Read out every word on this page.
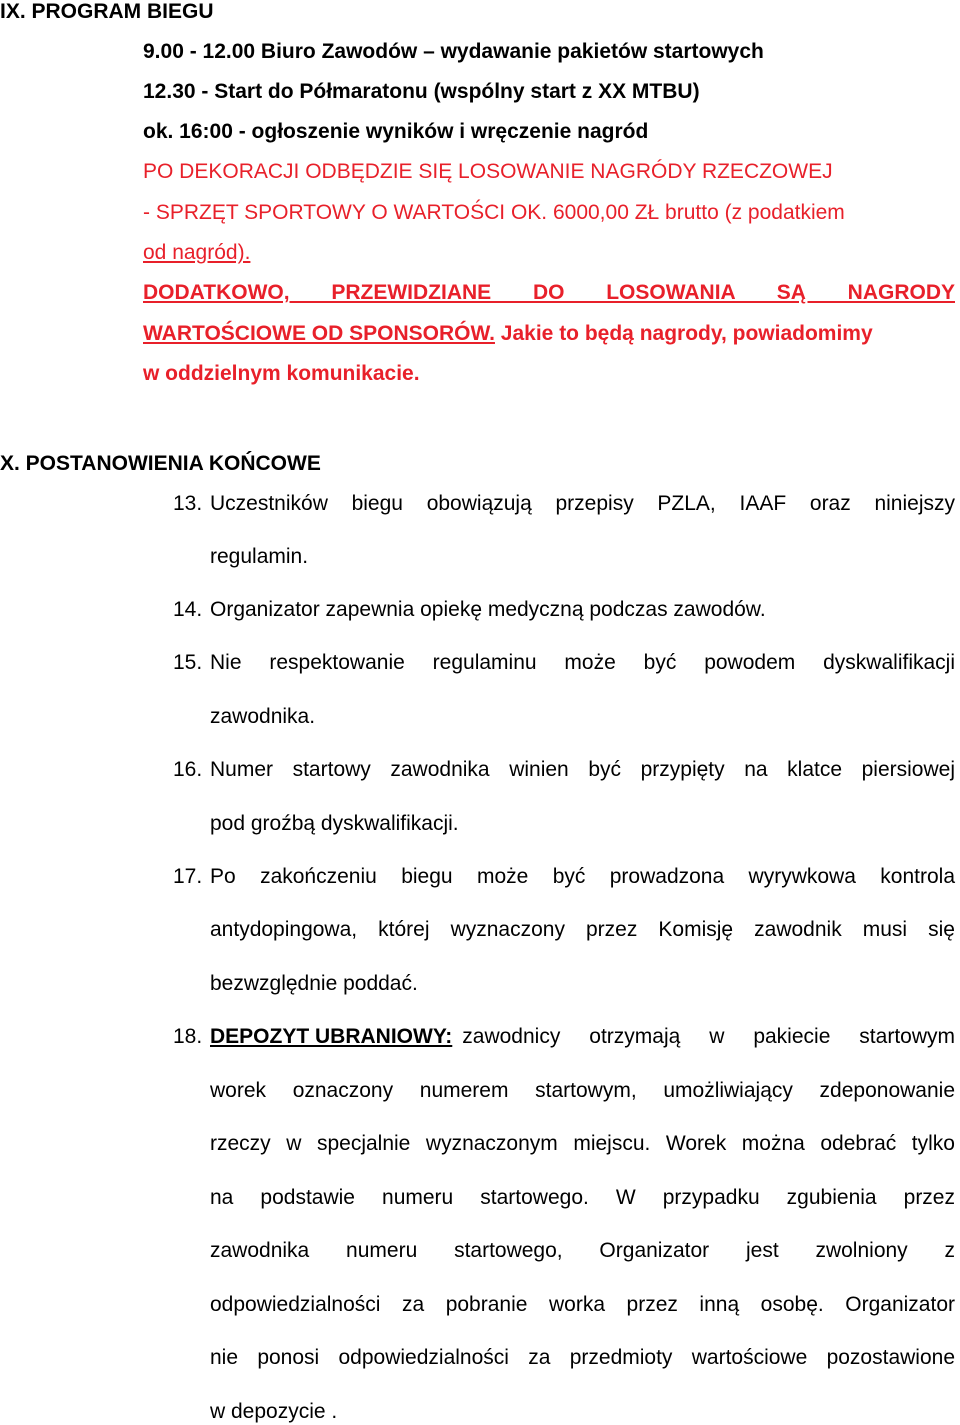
IX. PROGRAM BIEGU
9.00 - 12.00 Biuro Zawodów – wydawanie pakietów startowych
12.30 - Start do Półmaratonu (wspólny start z XX MTBU)
ok. 16:00 - ogłoszenie wyników i wręczenie nagród
PO DEKORACJI ODBĘDZIE SIĘ LOSOWANIE NAGRÓDY RZECZOWEJ
- SPRZĘT SPORTOWY O WARTOŚCI OK. 6000,00 ZŁ brutto (z podatkiem
od nagród).
DODATKOWO, PRZEWIDZIANE DO LOSOWANIA SĄ NAGRODY
WARTOŚCIOWE OD SPONSORÓW. Jakie to będą nagrody, powiadomimy
w oddzielnym komunikacie.
X. POSTANOWIENIA KOŃCOWE
13. Uczestników biegu obowiązują przepisy PZLA, IAAF oraz niniejszy
regulamin.
14. Organizator zapewnia opiekę medyczną podczas zawodów.
15. Nie respektowanie regulaminu może być powodem dyskwalifikacji
zawodnika.
16. Numer startowy zawodnika winien być przypięty na klatce piersiowej
pod groźbą dyskwalifikacji.
17. Po zakończeniu biegu może być prowadzona wyrywkowa kontrola
antydopingowa, której wyznaczony przez Komisję zawodnik musi się
bezwzględnie poddać.
18. DEPOZYT UBRANIOWY: zawodnicy otrzymają w pakiecie startowym
worek oznaczony numerem startowym, umożliwiający zdeponowanie
rzeczy w specjalnie wyznaczonym miejscu. Worek można odebrać tylko
na podstawie numeru startowego. W przypadku zgubienia przez
zawodnika numeru startowego, Organizator jest zwolniony z
odpowiedzialności za pobranie worka przez inną osobę. Organizator
nie ponosi odpowiedzialności za przedmioty wartościowe pozostawione
w depozycie .
